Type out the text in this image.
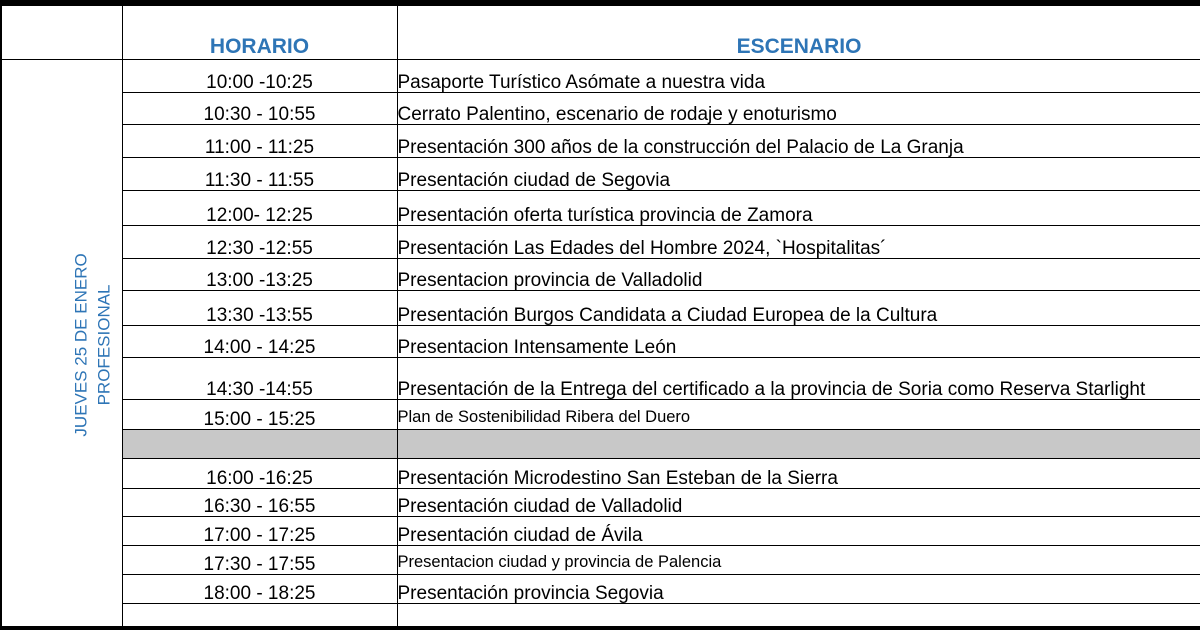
	HORARIO	ESCENARIO	

JUEVES 25 DE ENERO PROFESIONAL	10:00 -10:25	Pasaporte Turístico Asómate a nuestra vida	
	10:30 - 10:55	Cerrato Palentino, escenario de rodaje y enoturismo	
	11:00 - 11:25	Presentación 300 años de la construcción del Palacio de La Granja	
	11:30 - 11:55	Presentación ciudad de Segovia	
	12:00- 12:25	Presentación oferta turística provincia de Zamora	
	12:30 -12:55	Presentación Las Edades del Hombre 2024, `Hospitalitas´	
	13:00 -13:25	Presentacion provincia de Valladolid	
	13:30 -13:55	Presentación Burgos Candidata a Ciudad Europea de la Cultura	
	14:00 - 14:25	Presentacion Intensamente León	
	14:30 -14:55	Presentación de la Entrega del certificado a la provincia de Soria como Reserva Starlight	
	15:00 - 15:25	Plan de Sostenibilidad Ribera del Duero	

	16:00 -16:25	Presentación Microdestino San Esteban de la Sierra	
	16:30 - 16:55	Presentación ciudad de Valladolid	
	17:00 - 17:25	Presentación ciudad de Ávila	
	17:30 - 17:55	Presentacion ciudad y provincia de Palencia	
	18:00 - 18:25	Presentación provincia Segovia	
